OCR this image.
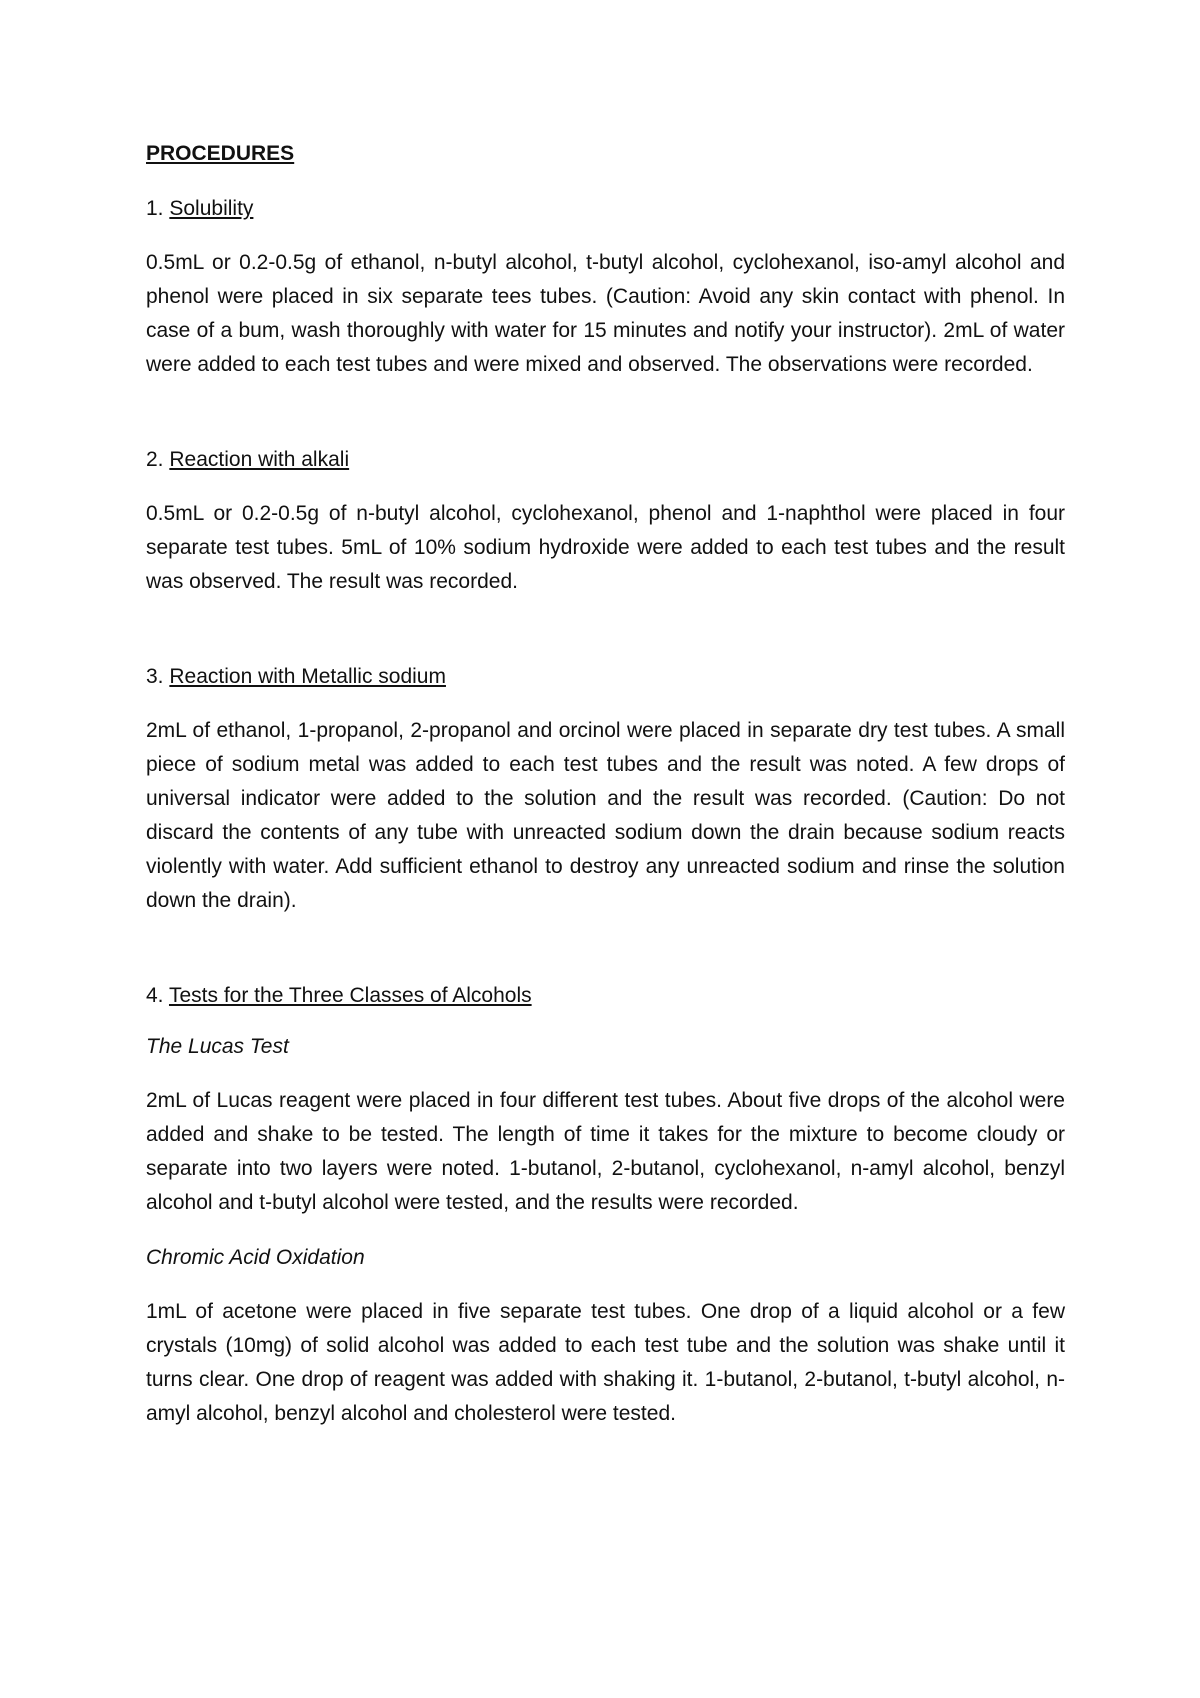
PROCEDURES
1. Solubility

0.5mL or 0.2-0.5g of ethanol, n-butyl alcohol, t-butyl alcohol, cyclohexanol, iso-amyl alcohol and phenol were placed in six separate tees tubes. (Caution: Avoid any skin contact with phenol. In case of a bum, wash thoroughly with water for 15 minutes and notify your instructor). 2mL of water were added to each test tubes and were mixed and observed. The observations were recorded.

2. Reaction with alkali

0.5mL or 0.2-0.5g of n-butyl alcohol, cyclohexanol, phenol and 1-naphthol were placed in four separate test tubes. 5mL of 10% sodium hydroxide were added to each test tubes and the result was observed. The result was recorded.

3. Reaction with Metallic sodium

2mL of ethanol, 1-propanol, 2-propanol and orcinol were placed in separate dry test tubes. A small piece of sodium metal was added to each test tubes and the result was noted. A few drops of universal indicator were added to the solution and the result was recorded. (Caution: Do not discard the contents of any tube with unreacted sodium down the drain because sodium reacts violently with water. Add sufficient ethanol to destroy any unreacted sodium and rinse the solution down the drain).

4. Tests for the Three Classes of Alcohols
The Lucas Test

2mL of Lucas reagent were placed in four different test tubes. About five drops of the alcohol were added and shake to be tested. The length of time it takes for the mixture to become cloudy or separate into two layers were noted. 1-butanol, 2-butanol, cyclohexanol, n-amyl alcohol, benzyl alcohol and t-butyl alcohol were tested, and the results were recorded.

Chromic Acid Oxidation

1mL of acetone were placed in five separate test tubes. One drop of a liquid alcohol or a few crystals (10mg) of solid alcohol was added to each test tube and the solution was shake until it turns clear. One drop of reagent was added with shaking it. 1-butanol, 2-butanol, t-butyl alcohol, n-amyl alcohol, benzyl alcohol and cholesterol were tested.
